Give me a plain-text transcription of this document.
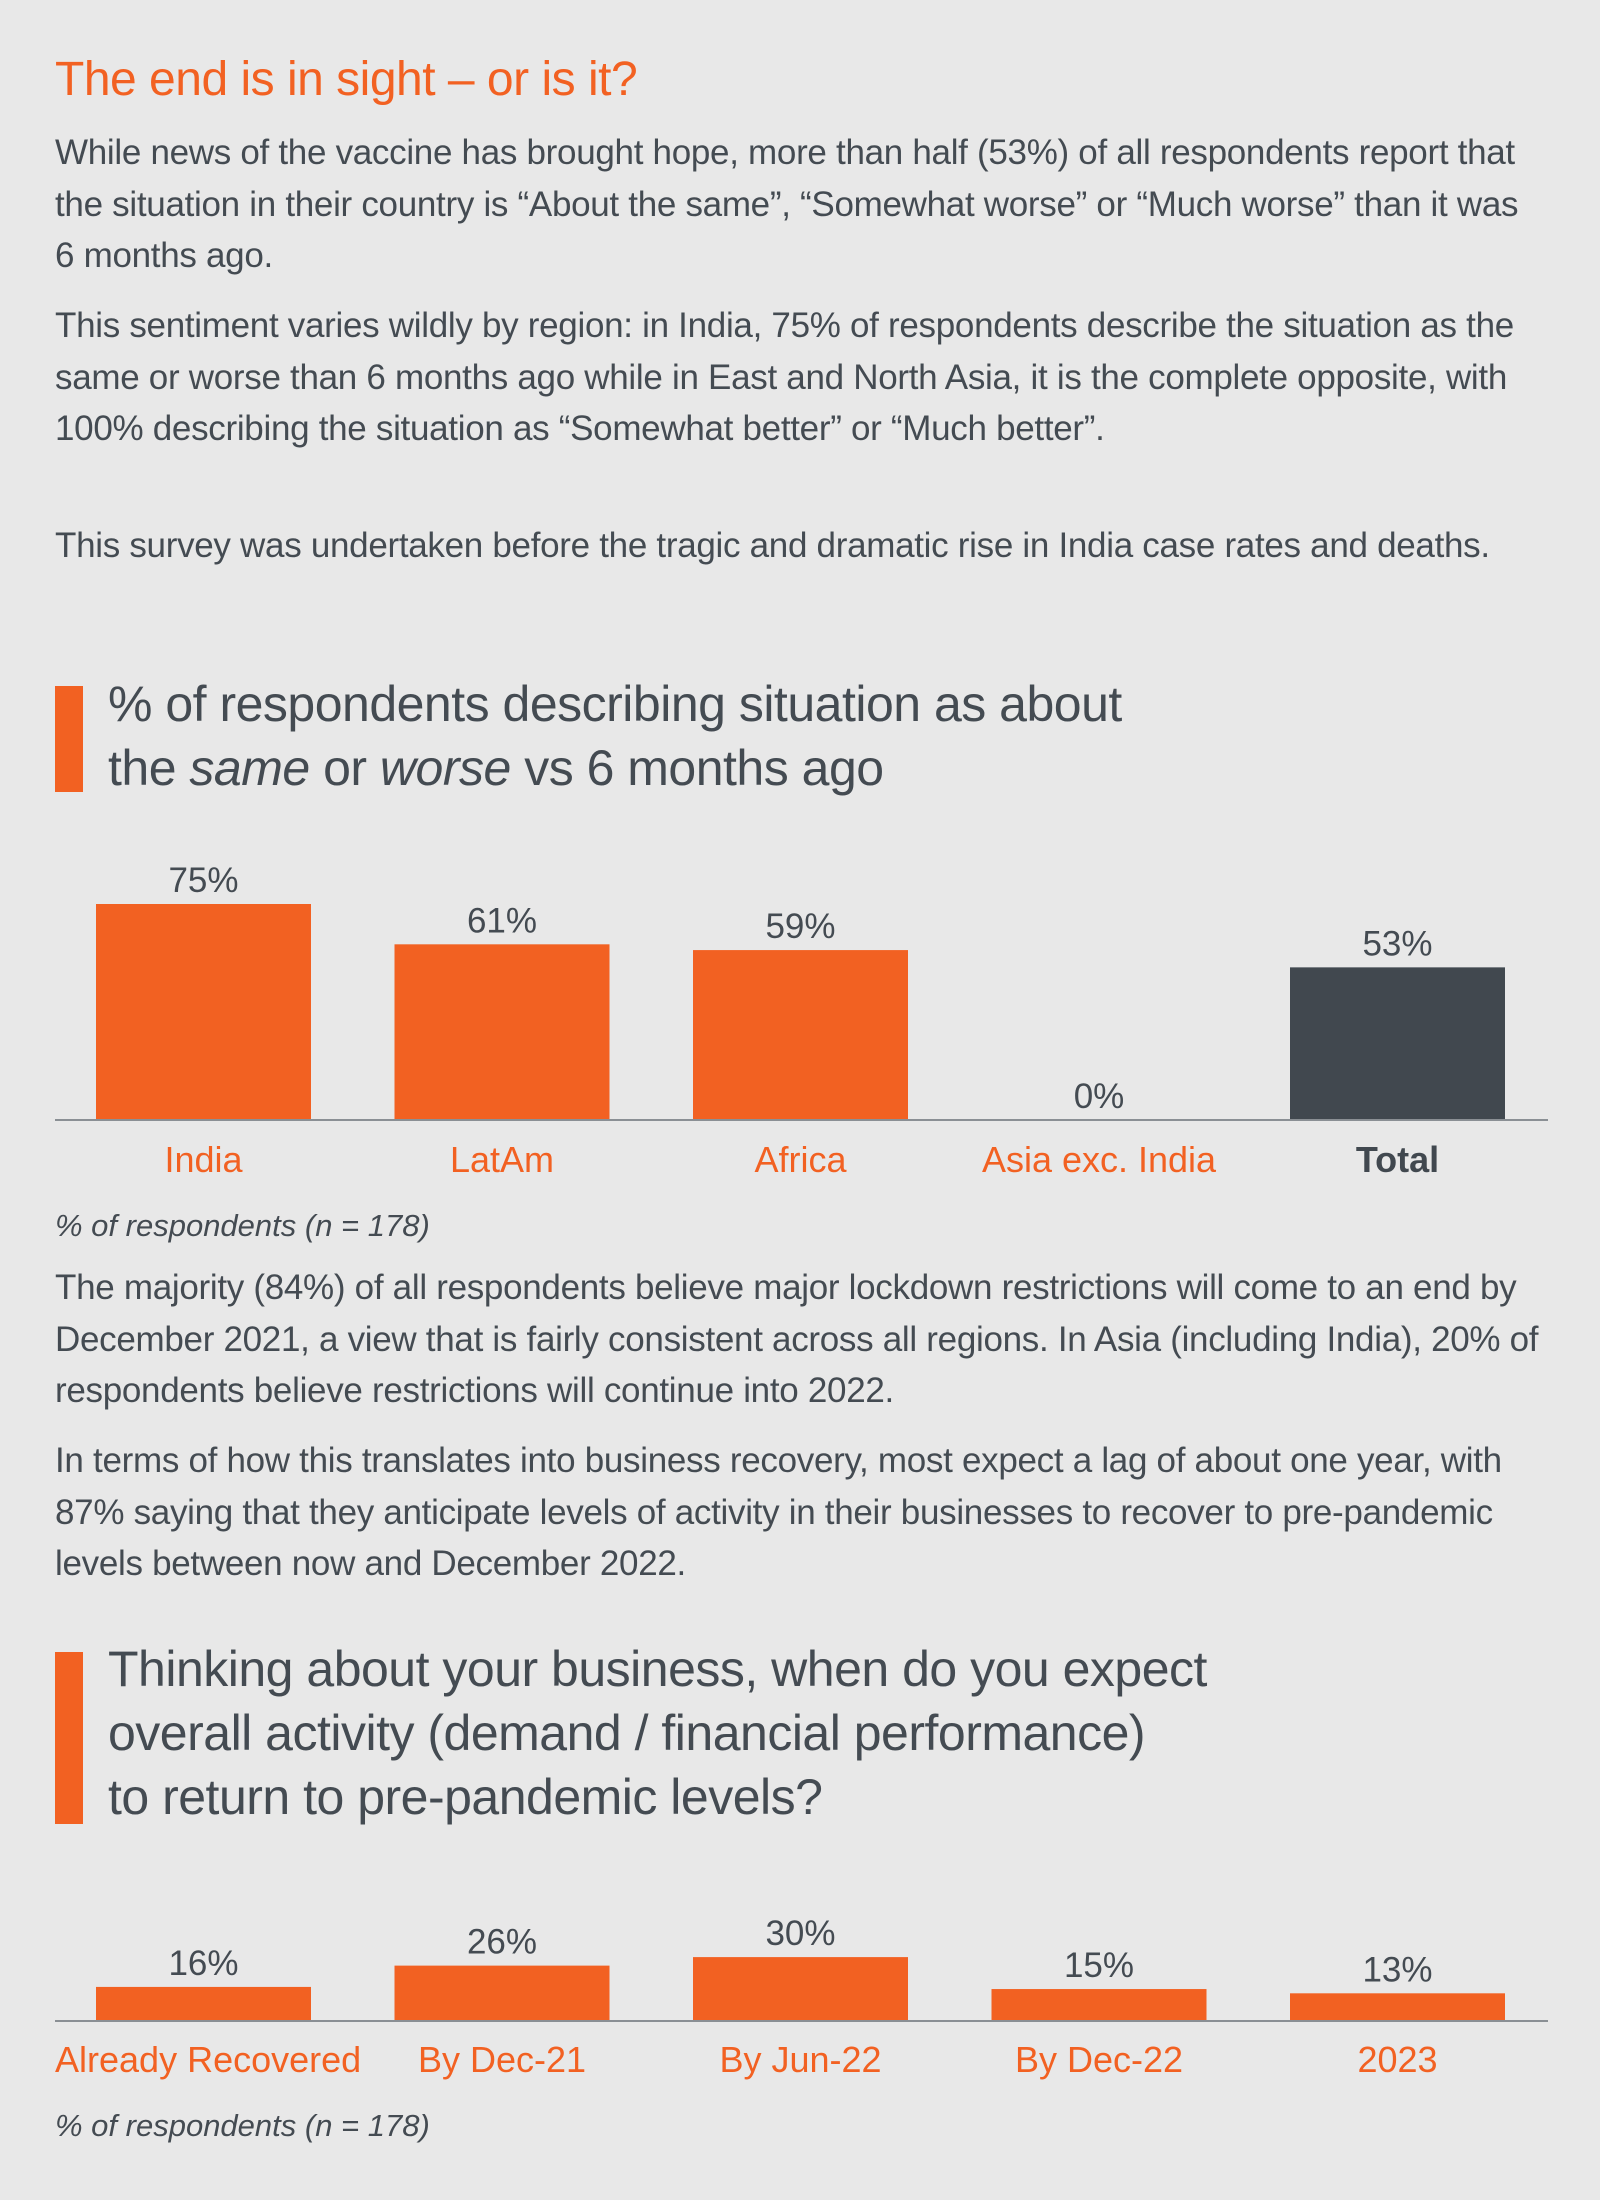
The end is in sight – or is it?

While news of the vaccine has brought hope, more than half (53%) of all respondents report that the situation in their country is “About the same”, “Somewhat worse” or “Much worse” than it was 6 months ago.

This sentiment varies wildly by region: in India, 75% of respondents describe the situation as the same or worse than 6 months ago while in East and North Asia, it is the complete opposite, with 100% describing the situation as “Somewhat better” or “Much better”.

This survey was undertaken before the tragic and dramatic rise in India case rates and deaths.

% of respondents describing situation as about
the same or worse vs 6 months ago
75%
India
61%
LatAm
59%
Africa
0%
Asia exc. India
53%
Total

% of respondents (n = 178)

The majority (84%) of all respondents believe major lockdown restrictions will come to an end by December 2021, a view that is fairly consistent across all regions. In Asia (including India), 20% of respondents believe restrictions will continue into 2022.

In terms of how this translates into business recovery, most expect a lag of about one year, with 87% saying that they anticipate levels of activity in their businesses to recover to pre-pandemic levels between now and December 2022.

Thinking about your business, when do you expect
overall activity (demand / financial performance)
to return to pre-pandemic levels?
16%
Already Recovered
26%
By Dec-21
30%
By Jun-22
15%
By Dec-22
13%
2023

% of respondents (n = 178)
